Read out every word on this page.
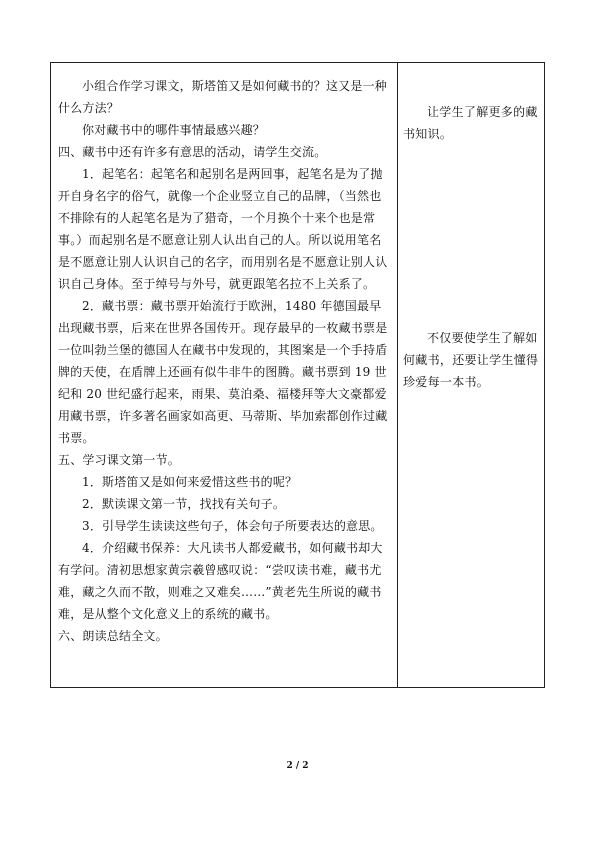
小组合作学习课文，斯塔笛又是如何藏书的？这又是一种什么方法？

你对藏书中的哪件事情最感兴趣？

四、藏书中还有许多有意思的活动，请学生交流。

1．起笔名：起笔名和起别名是两回事，起笔名是为了抛开自身名字的俗气，就像一个企业竖立自己的品牌，（当然也不排除有的人起笔名是为了猎奇，一个月换个十来个也是常事。）而起别名是不愿意让别人认出自己的人。所以说用笔名是不愿意让别人认识自己的名字，而用别名是不愿意让别人认识自己身体。至于绰号与外号，就更跟笔名拉不上关系了。

2．藏书票：藏书票开始流行于欧洲，1480 年德国最早出现藏书票，后来在世界各国传开。现存最早的一枚藏书票是一位叫勃兰堡的德国人在藏书中发现的，其图案是一个手持盾牌的天使，在盾牌上还画有似牛非牛的图腾。藏书票到 19 世纪和 20 世纪盛行起来，雨果、莫泊桑、福楼拜等大文豪都爱用藏书票，许多著名画家如高更、马蒂斯、毕加索都创作过藏书票。

五、学习课文第一节。

1．斯塔笛又是如何来爱惜这些书的呢？

2．默读课文第一节，找找有关句子。

3．引导学生读读这些句子，体会句子所要表达的意思。

4．介绍藏书保养：大凡读书人都爱藏书，如何藏书却大有学问。清初思想家黄宗羲曾感叹说：“尝叹读书难，藏书尤难，藏之久而不散，则难之又难矣……”黄老先生所说的藏书难，是从整个文化意义上的系统的藏书。

六、朗读总结全文。

让学生了解更多的藏书知识。

不仅要使学生了解如何藏书，还要让学生懂得珍爱每一本书。

2 / 2
